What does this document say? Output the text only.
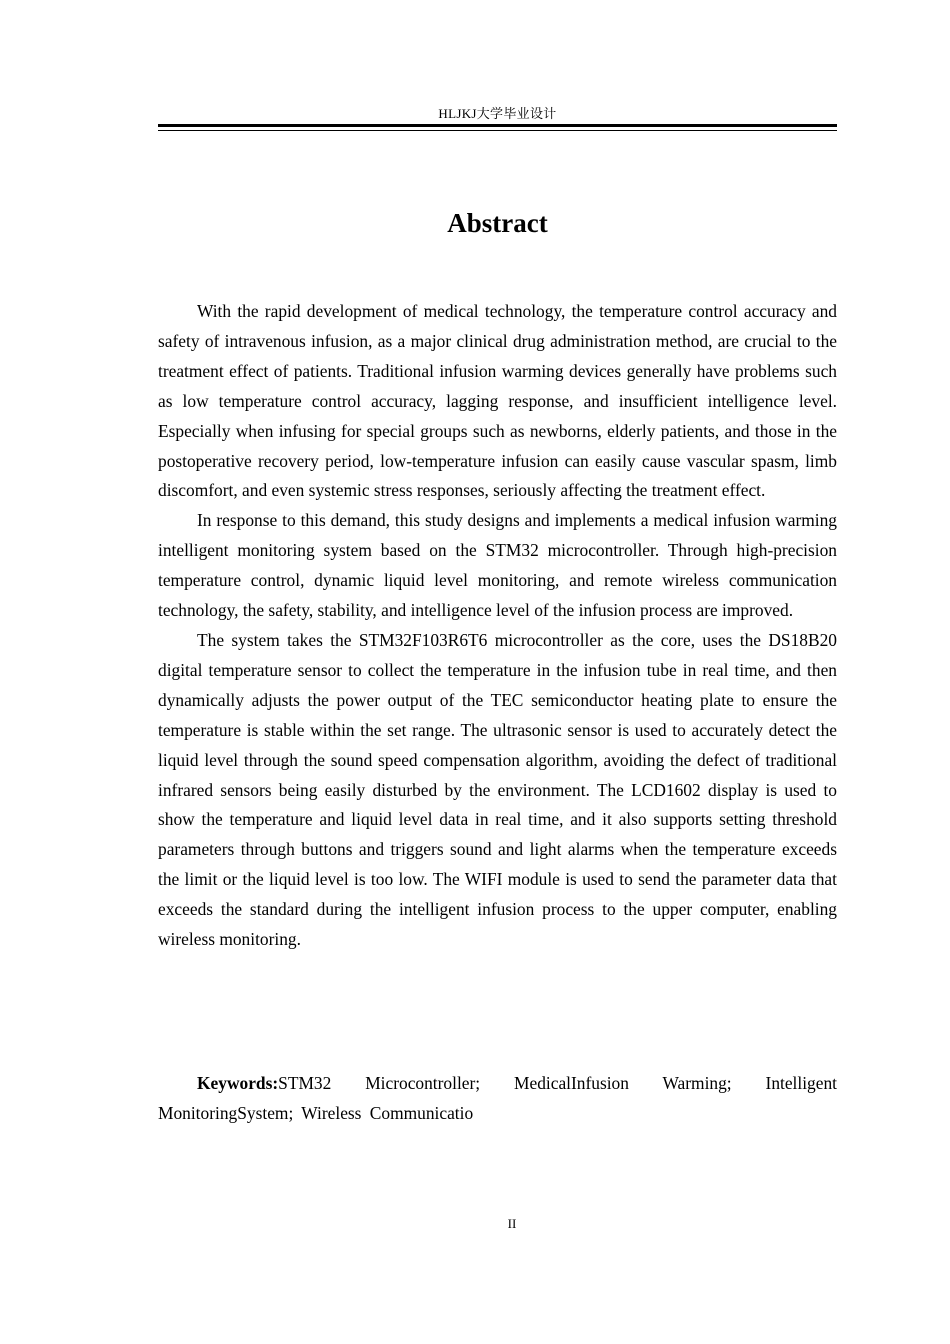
HLJKJ大学毕业设计
Abstract

With the rapid development of medical technology, the temperature control accuracy and safety of intravenous infusion, as a major clinical drug administration method, are crucial to the treatment effect of patients. Traditional infusion warming devices generally have problems such as low temperature control accuracy, lagging response, and insufficient intelligence level. Especially when infusing for special groups such as newborns, elderly patients, and those in the postoperative recovery period, low-temperature infusion can easily cause vascular spasm, limb discomfort, and even systemic stress responses, seriously affecting the treatment effect.

In response to this demand, this study designs and implements a medical infusion warming intelligent monitoring system based on the STM32 microcontroller. Through high-precision temperature control, dynamic liquid level monitoring, and remote wireless communication technology, the safety, stability, and intelligence level of the infusion process are improved.

The system takes the STM32F103R6T6 microcontroller as the core, uses the DS18B20 digital temperature sensor to collect the temperature in the infusion tube in real time, and then dynamically adjusts the power output of the TEC semiconductor heating plate to ensure the temperature is stable within the set range. The ultrasonic sensor is used to accurately detect the liquid level through the sound speed compensation algorithm, avoiding the defect of traditional infrared sensors being easily disturbed by the environment. The LCD1602 display is used to show the temperature and liquid level data in real time, and it also supports setting threshold parameters through buttons and triggers sound and light alarms when the temperature exceeds the limit or the liquid level is too low. The WIFI module is used to send the parameter data that exceeds the standard during the intelligent infusion process to the upper computer, enabling wireless monitoring.

Keywords:STM32 Microcontroller; MedicalInfusion Warming; Intelligent MonitoringSystem; Wireless Communicatio

II
